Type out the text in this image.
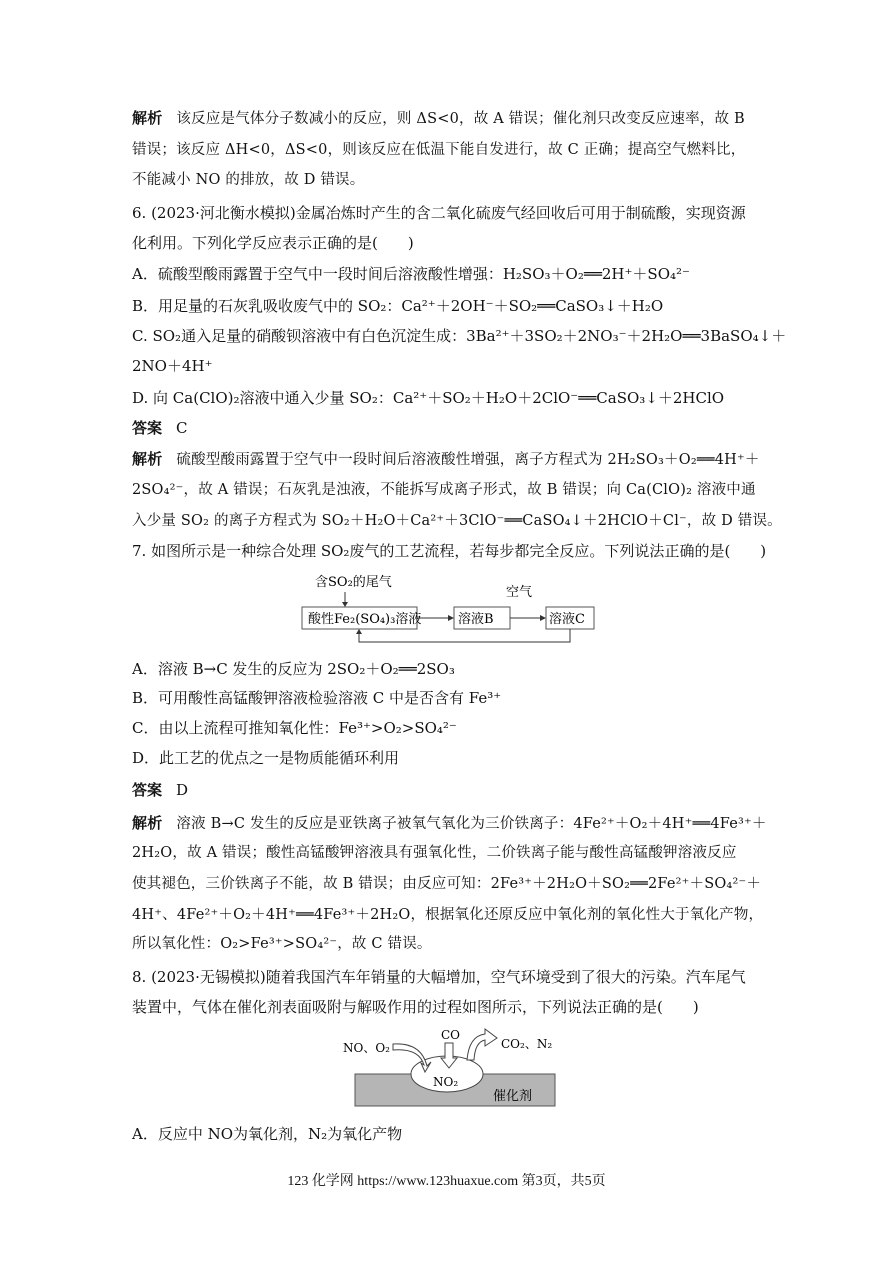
解析 该反应是气体分子数减小的反应，则 ΔS<0，故 A 错误；催化剂只改变反应速率，故 B
错误；该反应 ΔH<0，ΔS<0，则该反应在低温下能自发进行，故 C 正确；提高空气燃料比，
不能减小 NO 的排放，故 D 错误。
6. (2023·河北衡水模拟)金属冶炼时产生的含二氧化硫废气经回收后可用于制硫酸，实现资源
化利用。下列化学反应表示正确的是(　　)
A．硫酸型酸雨露置于空气中一段时间后溶液酸性增强：H₂SO₃＋O₂══2H⁺＋SO₄²⁻
B．用足量的石灰乳吸收废气中的 SO₂：Ca²⁺＋2OH⁻＋SO₂══CaSO₃↓＋H₂O
C. SO₂通入足量的硝酸钡溶液中有白色沉淀生成：3Ba²⁺＋3SO₂＋2NO₃⁻＋2H₂O══3BaSO₄↓＋
2NO＋4H⁺
D. 向 Ca(ClO)₂溶液中通入少量 SO₂：Ca²⁺＋SO₂＋H₂O＋2ClO⁻══CaSO₃↓＋2HClO
答案 C
解析 硫酸型酸雨露置于空气中一段时间后溶液酸性增强，离子方程式为 2H₂SO₃＋O₂══4H⁺＋
2SO₄²⁻，故 A 错误；石灰乳是浊液，不能拆写成离子形式，故 B 错误；向 Ca(ClO)₂ 溶液中通
入少量 SO₂ 的离子方程式为 SO₂＋H₂O＋Ca²⁺＋3ClO⁻══CaSO₄↓＋2HClO＋Cl⁻，故 D 错误。
7. 如图所示是一种综合处理 SO₂废气的工艺流程，若每步都完全反应。下列说法正确的是(　　)
A．溶液 B→C 发生的反应为 2SO₂＋O₂══2SO₃
B．可用酸性高锰酸钾溶液检验溶液 C 中是否含有 Fe³⁺
C．由以上流程可推知氧化性：Fe³⁺>O₂>SO₄²⁻
D．此工艺的优点之一是物质能循环利用
答案 D
解析 溶液 B→C 发生的反应是亚铁离子被氧气氧化为三价铁离子：4Fe²⁺＋O₂＋4H⁺══4Fe³⁺＋
2H₂O，故 A 错误；酸性高锰酸钾溶液具有强氧化性，二价铁离子能与酸性高锰酸钾溶液反应
使其褪色，三价铁离子不能，故 B 错误；由反应可知：2Fe³⁺＋2H₂O＋SO₂══2Fe²⁺＋SO₄²⁻＋
4H⁺、4Fe²⁺＋O₂＋4H⁺══4Fe³⁺＋2H₂O，根据氧化还原反应中氧化剂的氧化性大于氧化产物，
所以氧化性：O₂>Fe³⁺>SO₄²⁻，故 C 错误。
8. (2023·无锡模拟)随着我国汽车年销量的大幅增加，空气环境受到了很大的污染。汽车尾气
装置中，气体在催化剂表面吸附与解吸作用的过程如图所示，下列说法正确的是(　　)
A．反应中 NO为氧化剂，N₂为氧化产物
含SO₂的尾气
酸性Fe₂(SO₄)₃溶液	溶液B
空气
溶液C
催化剂
NO₂
NO、O₂
CO
CO₂、N₂
123 化学网 https://www.123huaxue.com 第3页，共5页
